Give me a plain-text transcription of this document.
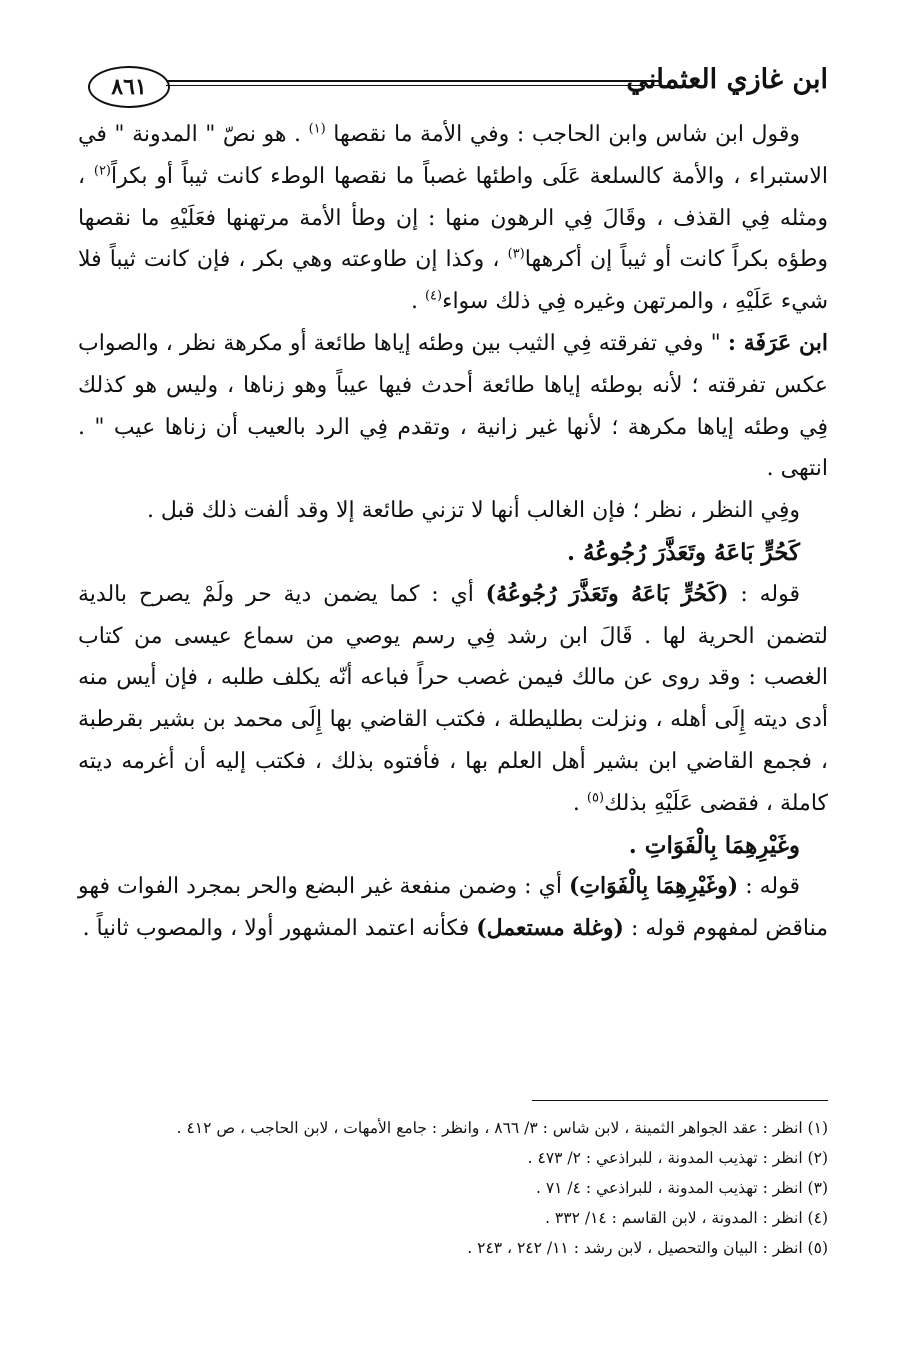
٨٦١	ابن غازي العثماني

وقول ابن شاس وابن الحاجب : وفي الأمة ما نقصها $^{(١)}$ . هو نصّ " المدونة " في الاستبراء ، والأمة كالسلعة عَلَى واطئها غصباً ما نقصها الوطء كانت ثيباً أو بكراً$^{(٢)}$ ، ومثله فِي القذف ، وقَالَ فِي الرهون منها : إن وطأ الأمة مرتهنها فعَلَيْهِ ما نقصها وطؤه بكراً كانت أو ثيباً إن أكرهها$^{(٣)}$ ، وكذا إن طاوعته وهي بكر ، فإن كانت ثيباً فلا شيء عَلَيْهِ ، والمرتهن وغيره فِي ذلك سواء$^{(٤)}$ .

ابن عَرَفَة : " وفي تفرقته فِي الثيب بين وطئه إياها طائعة أو مكرهة نظر ، والصواب عكس تفرقته ؛ لأنه بوطئه إياها طائعة أحدث فيها عيباً وهو زناها ، وليس هو كذلك فِي وطئه إياها مكرهة ؛ لأنها غير زانية ، وتقدم فِي الرد بالعيب أن زناها عيب " . انتهى .

وفِي النظر ، نظر ؛ فإن الغالب أنها لا تزني طائعة إلا وقد ألفت ذلك قبل .

كَحُرٍّ بَاعَهُ وتَعَذَّرَ رُجُوعُهُ .

قوله : (كَحُرٍّ بَاعَهُ وتَعَذَّرَ رُجُوعُهُ) أي : كما يضمن دية حر ولَمْ يصرح بالدية لتضمن الحرية لها . قَالَ ابن رشد فِي رسم يوصي من سماع عيسى من كتاب الغصب : وقد روى عن مالك فيمن غصب حراً فباعه أنّه يكلف طلبه ، فإن أيس منه أدى ديته إِلَى أهله ، ونزلت بطليطلة ، فكتب القاضي بها إِلَى محمد بن بشير بقرطبة ، فجمع القاضي ابن بشير أهل العلم بها ، فأفتوه بذلك ، فكتب إليه أن أغرمه ديته كاملة ، فقضى عَلَيْهِ بذلك$^{(٥)}$ .

وغَيْرِهِمَا بِالْفَوَاتِ .

قوله : (وغَيْرِهِمَا بِالْفَوَاتِ) أي : وضمن منفعة غير البضع والحر بمجرد الفوات فهو مناقض لمفهوم قوله : (وغلة مستعمل) فكأنه اعتمد المشهور أولا ، والمصوب ثانياً .

(١) انظر : عقد الجواهر الثمينة ، لابن شاس : ٣/ ٨٦٦ ، وانظر : جامع الأمهات ، لابن الحاجب ، ص ٤١٢ .

(٢) انظر : تهذيب المدونة ، للبراذعي : ٢/ ٤٧٣ .

(٣) انظر : تهذيب المدونة ، للبراذعي : ٤/ ٧١ .

(٤) انظر : المدونة ، لابن القاسم : ١٤/ ٣٣٢ .

(٥) انظر : البيان والتحصيل ، لابن رشد : ١١/ ٢٤٢ ، ٢٤٣ .
